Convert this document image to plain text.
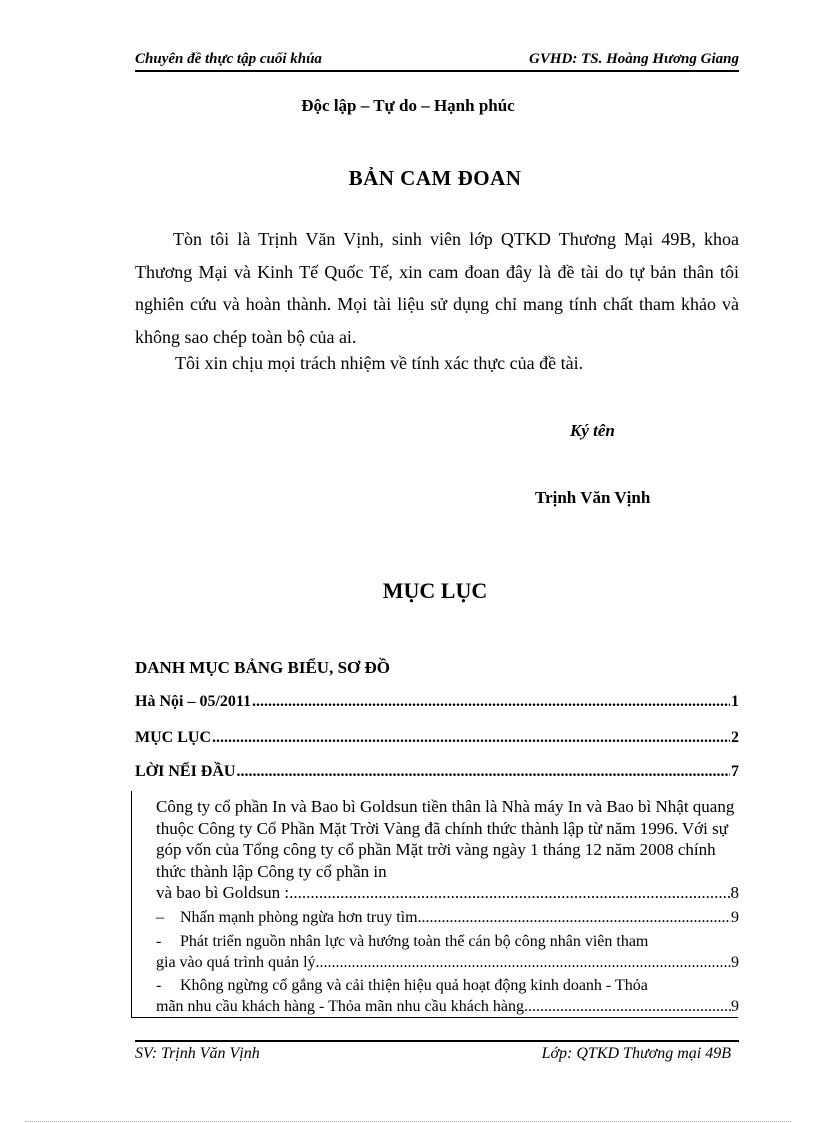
Chuyên đề thực tập cuối khúa	GVHD: TS. Hoàng Hương Giang
Độc lập – Tự do – Hạnh phúc
BẢN CAM ĐOAN
Tòn tôi là Trịnh Văn Vịnh, sinh viên lớp QTKD Thương Mại 49B, khoa Thương Mại và Kinh Tế Quốc Tế, xin cam đoan đây là đề tài do tự bản thân tôi nghiên cứu và hoàn thành. Mọi tài liệu sử dụng chỉ mang tính chất tham khảo và không sao chép toàn bộ của ai.
Tôi xin chịu mọi trách nhiệm về tính xác thực của đề tài.
Ký tên
Trịnh Văn Vịnh
MỤC LỤC
DANH MỤC BẢNG BIỂU, SƠ ĐỒ
Hà Nội – 05/2011 .....	1
MỤC LỤC .....	2
LỜI NỂI ĐẦU .....	7
Công ty cổ phần In và Bao bì Goldsun tiền thân là Nhà máy In và Bao bì Nhật quang thuộc Công ty Cổ Phần Mặt Trời Vàng đã chính thức thành lập từ năm 1996. Với sự góp vốn của Tổng công ty cổ phần Mặt trời vàng ngày 1 tháng 12 năm 2008 chính thức thành lập Công ty cổ phần in
và bao bì Goldsun : .....	8
–	Nhấn mạnh phòng ngừa hơn truy tìm .....	9
- Phát triển nguồn nhân lực và hướng toàn thể cán bộ công nhân viên tham
gia vào quá trình quản lý .....	9
- Không ngừng cố gắng và cải thiện hiệu quả hoạt động kinh doanh - Thỏa
mãn nhu cầu khách hàng - Thỏa mãn nhu cầu khách hàng .....	9
SV: Trịnh Văn Vịnh	Lớp: QTKD Thương mại 49B
